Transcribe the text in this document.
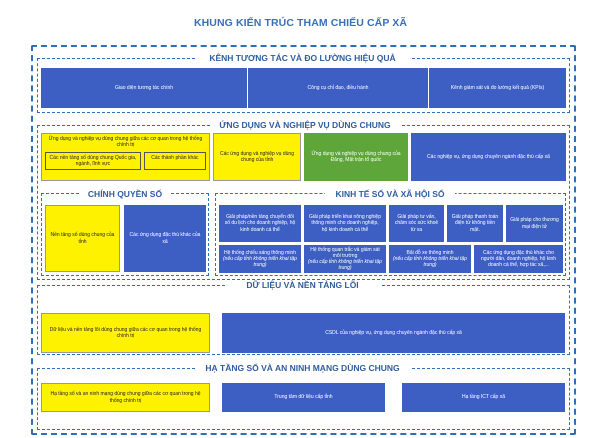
KHUNG KIẾN TRÚC THAM CHIẾU CẤP XÃ
KÊNH TƯƠNG TÁC VÀ ĐO LƯỜNG HIỆU QUẢ
Giao diện tương tác chính	Công cụ chỉ đạo, điều hành	Kênh giám sát và đo lường kết quả (KPIs)
ỨNG DỤNG VÀ NGHIỆP VỤ DÙNG CHUNG
Ứng dụng và nghiệp vụ dùng chung giữa các cơ quan trong hệ thống chính trị
Các nền tảng số dùng chung Quốc gia, ngành, lĩnh vực
Các thành phần khác
Các ứng dụng và nghiệp vụ dùng chung của tỉnh
Ứng dụng và nghiệp vụ dùng chung của Đảng, Mặt trận tổ quốc
Các nghiệp vụ, ứng dụng chuyên ngành đặc thù cấp xã
CHÍNH QUYỀN SỐ
Nền tảng số dùng chung của tỉnh
Các ứng dụng đặc thù khác của xã
KINH TẾ SỐ VÀ XÃ HỘI SỐ
Giải pháp/nền tảng chuyển đổi số du lịch cho doanh nghiệp, hộ kinh doanh cá thể
Giải pháp triển khai nông nghiệp thông minh cho doanh nghiệp, hộ kinh doanh cá thể
Giải pháp tư vấn, chăm sóc sức khoẻ từ xa
Giải pháp thanh toán điện tử không tiền mặt.
Giải pháp cho thương mại điện tử
Hệ thống chiếu sáng thông minh
(nếu cấp tỉnh không triển khai tập trung)
Hệ thống quan trắc và giám sát môi trường
(nếu cấp tỉnh không triển khai tập trung)
Bãi đỗ xe thông minh
(nếu cấp tỉnh không triển khai tập trung)
Các ứng dụng đặc thù khác cho người dân, doanh nghiệp, hộ kinh doanh cá thể, hợp tác xã,...
DỮ LIỆU VÀ NỀN TẢNG LÕI
Dữ liệu và nền tảng lõi dùng chung giữa các cơ quan trong hệ thống chính trị
CSDL của nghiệp vụ, ứng dụng chuyên ngành đặc thù cấp xã
HẠ TẦNG SỐ VÀ AN NINH MẠNG DÙNG CHUNG
Hạ tầng số và an ninh mạng dùng chung giữa các cơ quan trong hệ thống chính trị
Trung tâm dữ liệu cấp tỉnh	Hạ tầng ICT cấp xã
